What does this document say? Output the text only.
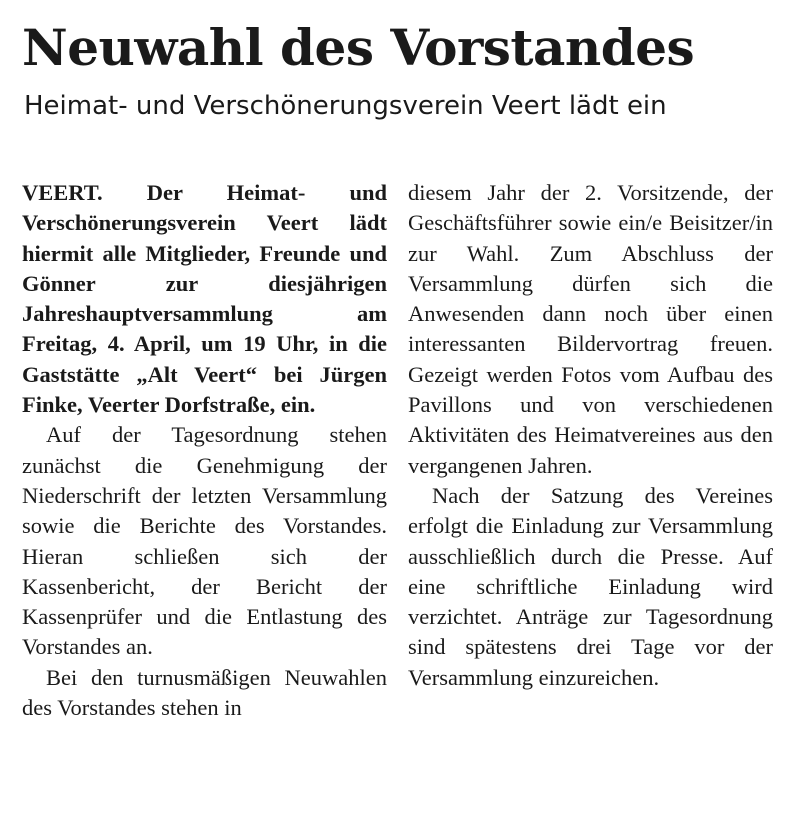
Neuwahl des Vorstandes
Heimat- und Verschönerungsverein Veert lädt ein

VEERT. Der Heimat- und Verschönerungsverein Veert lädt hiermit alle Mitglieder, Freunde und Gönner zur diesjährigen Jahreshauptversammlung am Freitag, 4. April, um 19 Uhr, in die Gaststätte „Alt Veert“ bei Jürgen Finke, Veerter Dorfstraße, ein.

Auf der Tagesordnung stehen zunächst die Genehmigung der Niederschrift der letzten Versammlung sowie die Berichte des Vorstandes. Hieran schließen sich der Kassenbericht, der Bericht der Kassenprüfer und die Entlastung des Vorstandes an.

Bei den turnusmäßigen Neuwahlen des Vorstandes stehen in

diesem Jahr der 2. Vorsitzende, der Geschäftsführer sowie ein/e Beisitzer/in zur Wahl. Zum Abschluss der Versammlung dürfen sich die Anwesenden dann noch über einen interessanten Bildervortrag freuen. Gezeigt werden Fotos vom Aufbau des Pavillons und von verschiedenen Aktivitäten des Heimatvereines aus den vergangenen Jahren.

Nach der Satzung des Vereines erfolgt die Einladung zur Versammlung ausschließlich durch die Presse. Auf eine schriftliche Einladung wird verzichtet. Anträge zur Tagesordnung sind spätestens drei Tage vor der Versammlung einzureichen.
